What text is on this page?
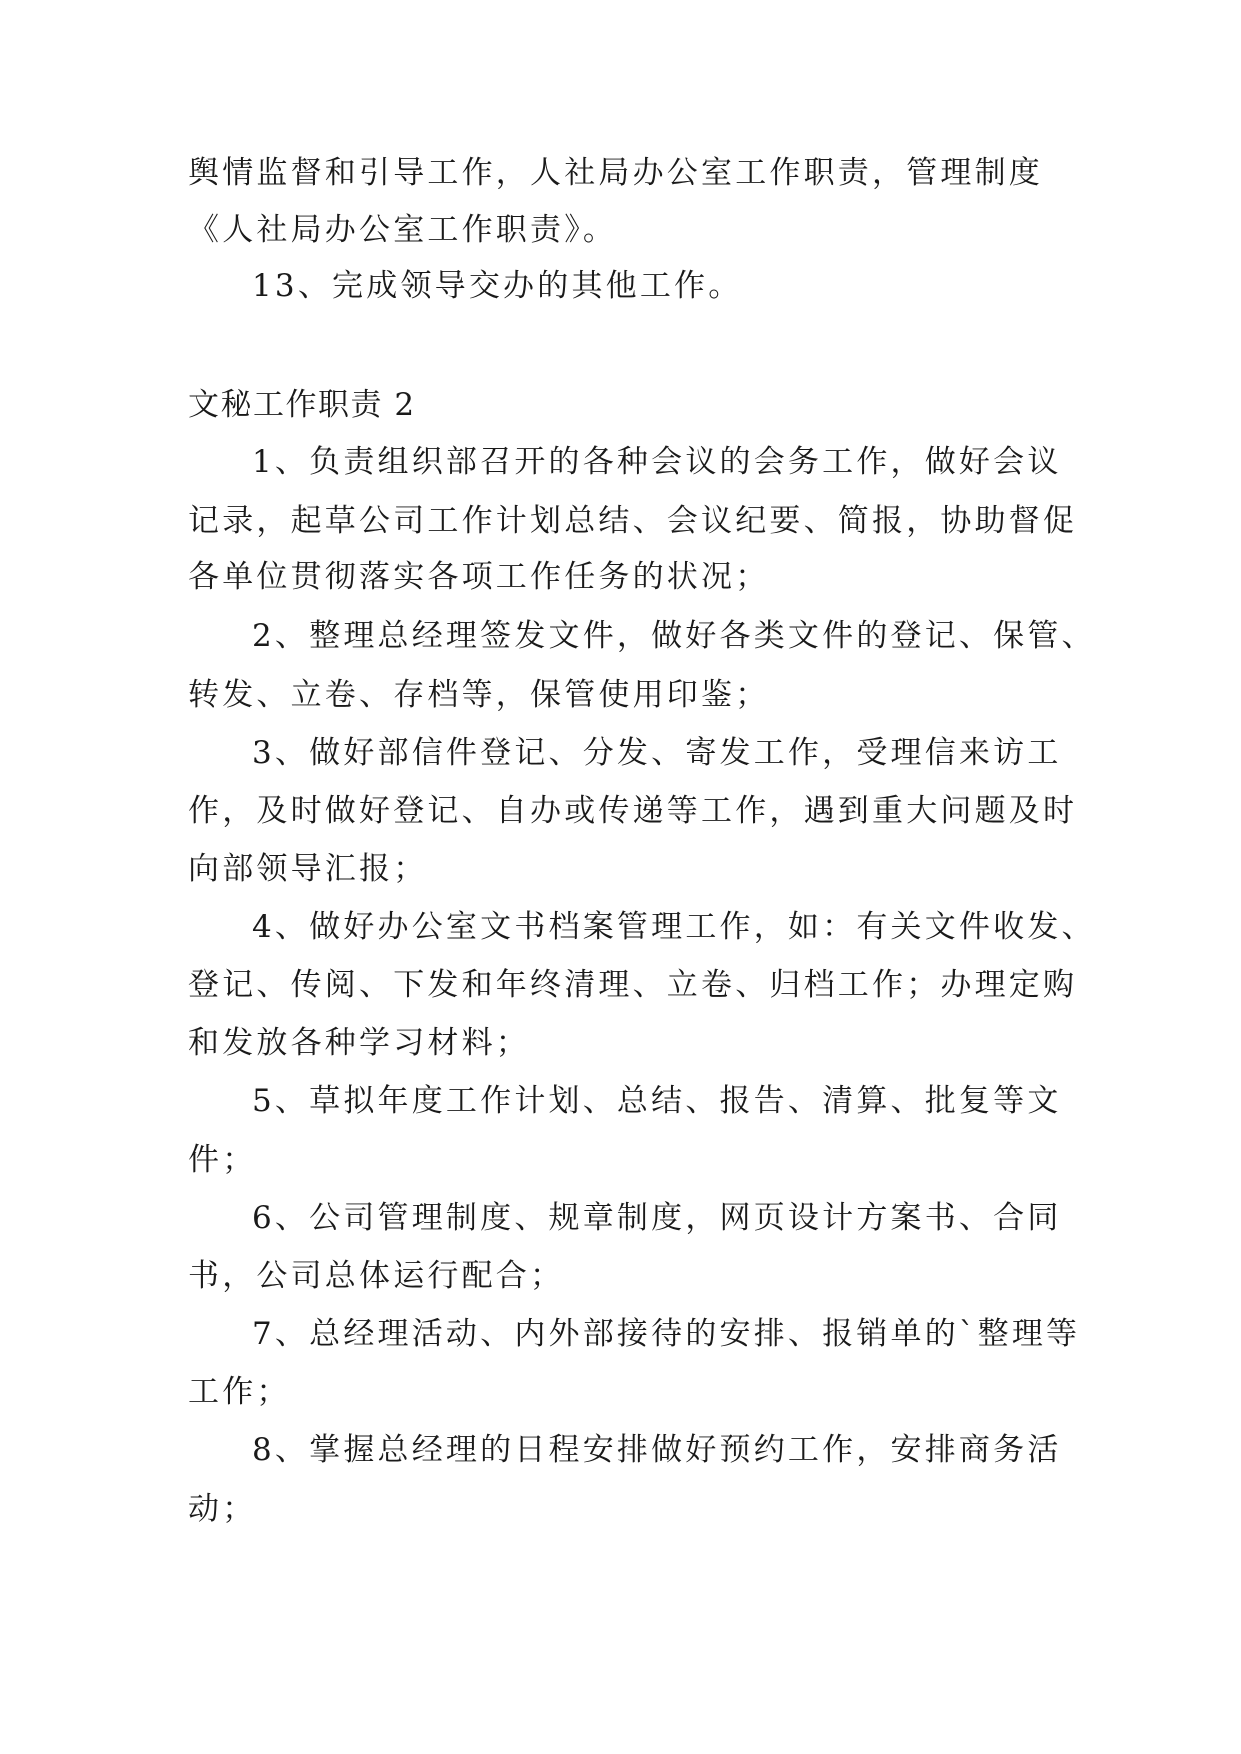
舆情监督和引导工作，人社局办公室工作职责，管理制度
《人社局办公室工作职责》。
13、完成领导交办的其他工作。
文秘工作职责 2
1、负责组织部召开的各种会议的会务工作，做好会议
记录，起草公司工作计划总结、会议纪要、简报，协助督促
各单位贯彻落实各项工作任务的状况；
2、整理总经理签发文件，做好各类文件的登记、保管、
转发、立卷、存档等，保管使用印鉴；
3、做好部信件登记、分发、寄发工作，受理信来访工
作，及时做好登记、自办或传递等工作，遇到重大问题及时
向部领导汇报；
4、做好办公室文书档案管理工作，如：有关文件收发、
登记、传阅、下发和年终清理、立卷、归档工作；办理定购
和发放各种学习材料；
5、草拟年度工作计划、总结、报告、清算、批复等文
件；
6、公司管理制度、规章制度，网页设计方案书、合同
书，公司总体运行配合；
7、总经理活动、内外部接待的安排、报销单的`整理等
工作；
8、掌握总经理的日程安排做好预约工作，安排商务活
动；
